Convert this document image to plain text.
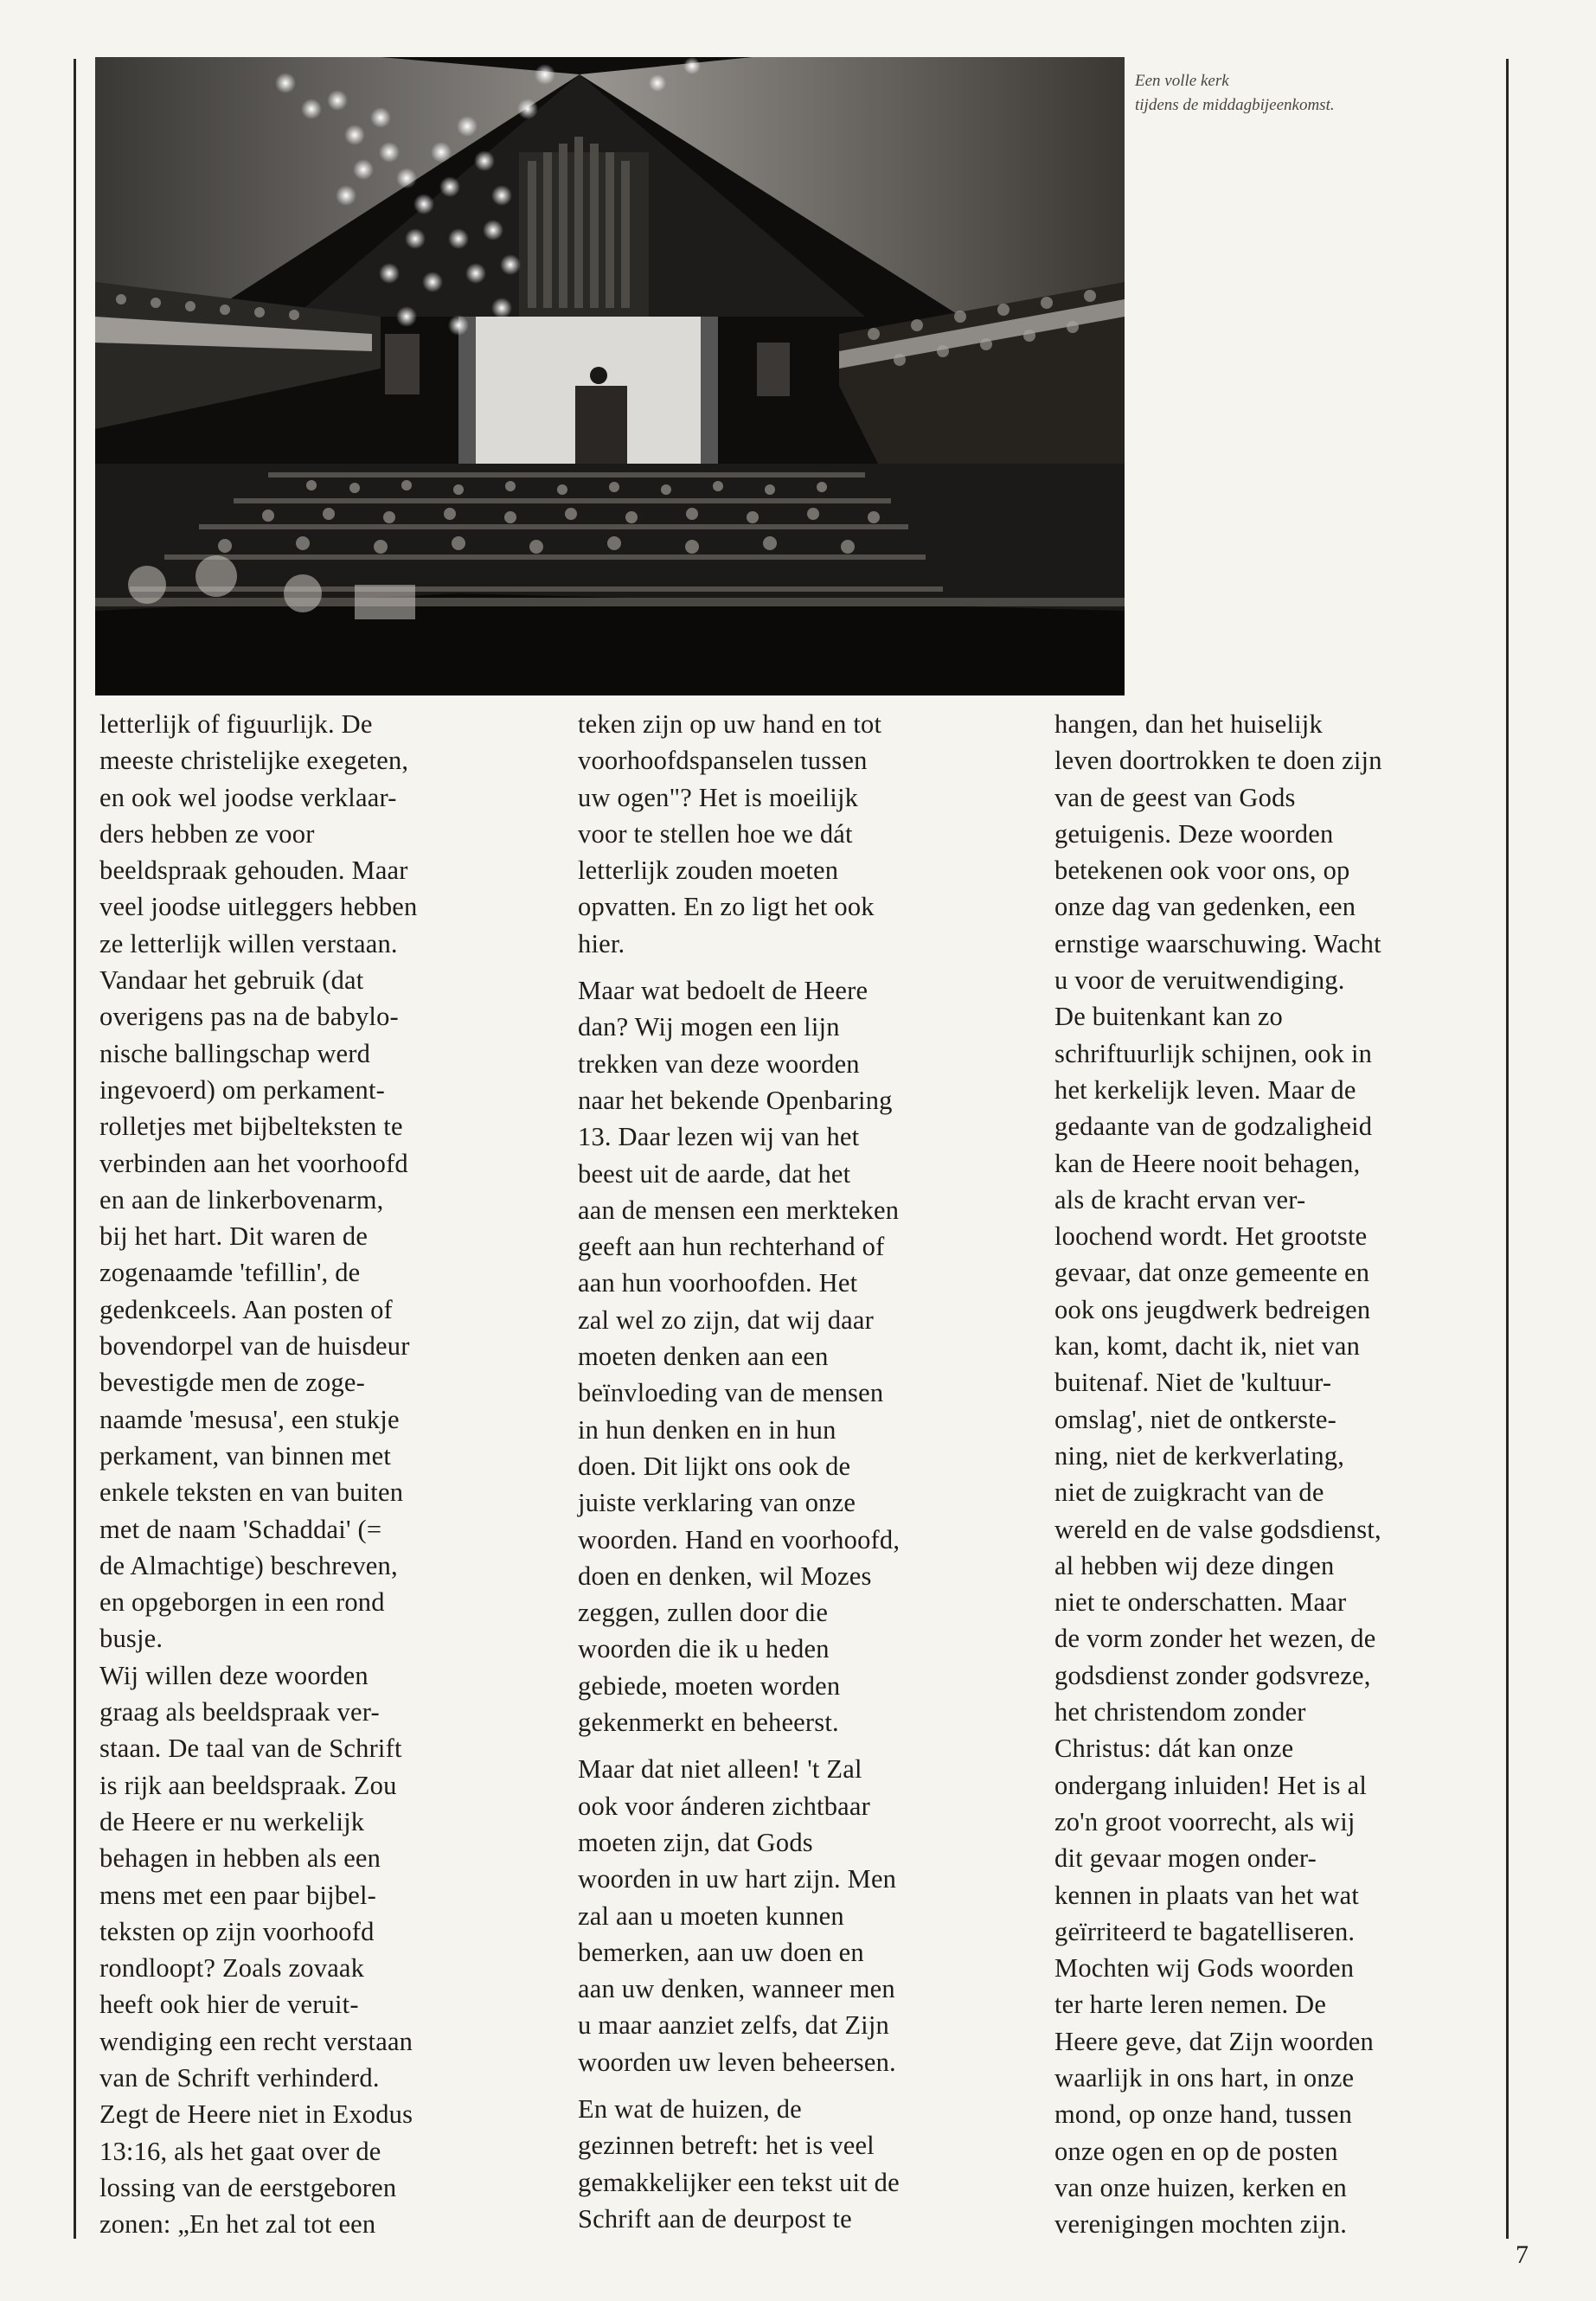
Een volle kerk
tijdens de middagbijeenkomst.
letterlijk of figuurlijk. De
meeste christelijke exegeten,
en ook wel joodse verklaar-
ders hebben ze voor
beeldspraak gehouden. Maar
veel joodse uitleggers hebben
ze letterlijk willen verstaan.
Vandaar het gebruik (dat
overigens pas na de babylo-
nische ballingschap werd
ingevoerd) om perkament-
rolletjes met bijbelteksten te
verbinden aan het voorhoofd
en aan de linkerbovenarm,
bij het hart. Dit waren de
zogenaamde 'tefillin', de
gedenkceels. Aan posten of
bovendorpel van de huisdeur
bevestigde men de zoge-
naamde 'mesusa', een stukje
perkament, van binnen met
enkele teksten en van buiten
met de naam 'Schaddai' (=
de Almachtige) beschreven,
en opgeborgen in een rond
busje.
Wij willen deze woorden
graag als beeldspraak ver-
staan. De taal van de Schrift
is rijk aan beeldspraak. Zou
de Heere er nu werkelijk
behagen in hebben als een
mens met een paar bijbel-
teksten op zijn voorhoofd
rondloopt? Zoals zovaak
heeft ook hier de veruit-
wendiging een recht verstaan
van de Schrift verhinderd.
Zegt de Heere niet in Exodus
13:16, als het gaat over de
lossing van de eerstgeboren
zonen: „En het zal tot een
teken zijn op uw hand en tot
voorhoofdspanselen tussen
uw ogen"? Het is moeilijk
voor te stellen hoe we dát
letterlijk zouden moeten
opvatten. En zo ligt het ook
hier.
Maar wat bedoelt de Heere
dan? Wij mogen een lijn
trekken van deze woorden
naar het bekende Openbaring
13. Daar lezen wij van het
beest uit de aarde, dat het
aan de mensen een merkteken
geeft aan hun rechterhand of
aan hun voorhoofden. Het
zal wel zo zijn, dat wij daar
moeten denken aan een
beïnvloeding van de mensen
in hun denken en in hun
doen. Dit lijkt ons ook de
juiste verklaring van onze
woorden. Hand en voorhoofd,
doen en denken, wil Mozes
zeggen, zullen door die
woorden die ik u heden
gebiede, moeten worden
gekenmerkt en beheerst.
Maar dat niet alleen! 't Zal
ook voor ánderen zichtbaar
moeten zijn, dat Gods
woorden in uw hart zijn. Men
zal aan u moeten kunnen
bemerken, aan uw doen en
aan uw denken, wanneer men
u maar aanziet zelfs, dat Zijn
woorden uw leven beheersen.
En wat de huizen, de
gezinnen betreft: het is veel
gemakkelijker een tekst uit de
Schrift aan de deurpost te
hangen, dan het huiselijk
leven doortrokken te doen zijn
van de geest van Gods
getuigenis. Deze woorden
betekenen ook voor ons, op
onze dag van gedenken, een
ernstige waarschuwing. Wacht
u voor de veruitwendiging.
De buitenkant kan zo
schriftuurlijk schijnen, ook in
het kerkelijk leven. Maar de
gedaante van de godzaligheid
kan de Heere nooit behagen,
als de kracht ervan ver-
loochend wordt. Het grootste
gevaar, dat onze gemeente en
ook ons jeugdwerk bedreigen
kan, komt, dacht ik, niet van
buitenaf. Niet de 'kultuur-
omslag', niet de ontkerste-
ning, niet de kerkverlating,
niet de zuigkracht van de
wereld en de valse godsdienst,
al hebben wij deze dingen
niet te onderschatten. Maar
de vorm zonder het wezen, de
godsdienst zonder godsvreze,
het christendom zonder
Christus: dát kan onze
ondergang inluiden! Het is al
zo'n groot voorrecht, als wij
dit gevaar mogen onder-
kennen in plaats van het wat
geïrriteerd te bagatelliseren.
Mochten wij Gods woorden
ter harte leren nemen. De
Heere geve, dat Zijn woorden
waarlijk in ons hart, in onze
mond, op onze hand, tussen
onze ogen en op de posten
van onze huizen, kerken en
verenigingen mochten zijn.
7
